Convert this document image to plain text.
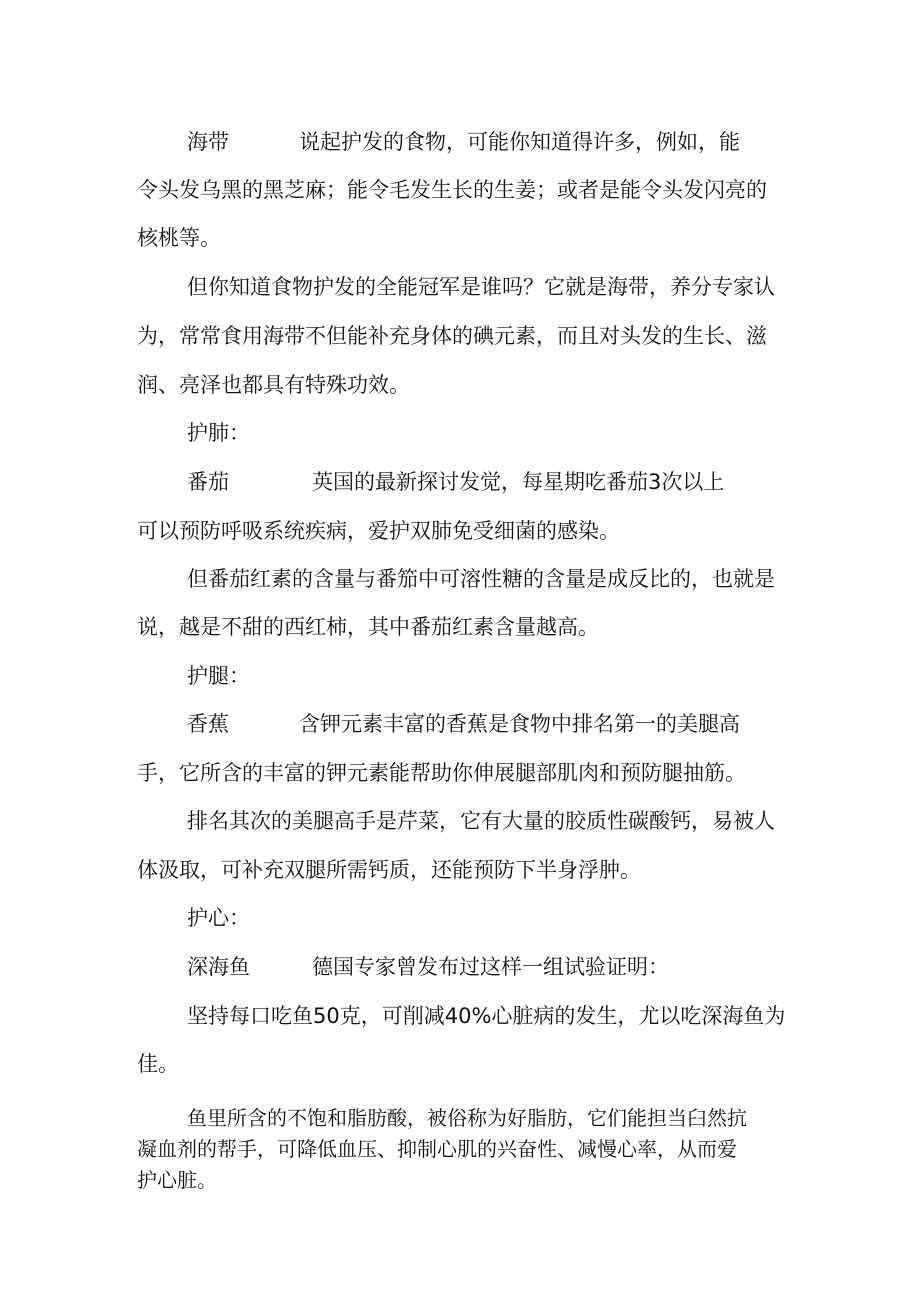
海带	说起护发的食物，可能你知道得许多，例如，能
令头发乌黑的黑芝麻；能令毛发生长的生姜；或者是能令头发闪亮的
核桃等。
但你知道食物护发的全能冠军是谁吗？它就是海带，养分专家认
为，常常食用海带不但能补充身体的碘元素，而且对头发的生长、滋
润、亮泽也都具有特殊功效。
护肺：
番茄	英国的最新探讨发觉，每星期吃番茄3次以上
可以预防呼吸系统疾病，爱护双肺免受细菌的感染。
但番茄红素的含量与番笳中可溶性糖的含量是成反比的，也就是
说，越是不甜的西红柿，其中番茄红素含量越高。
护腿：
香蕉	含钾元素丰富的香蕉是食物中排名第一的美腿高
手，它所含的丰富的钾元素能帮助你伸展腿部肌肉和预防腿抽筋。
排名其次的美腿高手是芹菜，它有大量的胶质性碳酸钙，易被人
体汲取，可补充双腿所需钙质，还能预防下半身浮肿。
护心：
深海鱼	德国专家曾发布过这样一组试验证明：
坚持每口吃鱼50克，可削减40%心脏病的发生，尤以吃深海鱼为
佳。
鱼里所含的不饱和脂肪酸，被俗称为好脂肪，它们能担当臼然抗
凝血剂的帮手，可降低血压、抑制心肌的兴奋性、减慢心率，从而爱
护心脏。
